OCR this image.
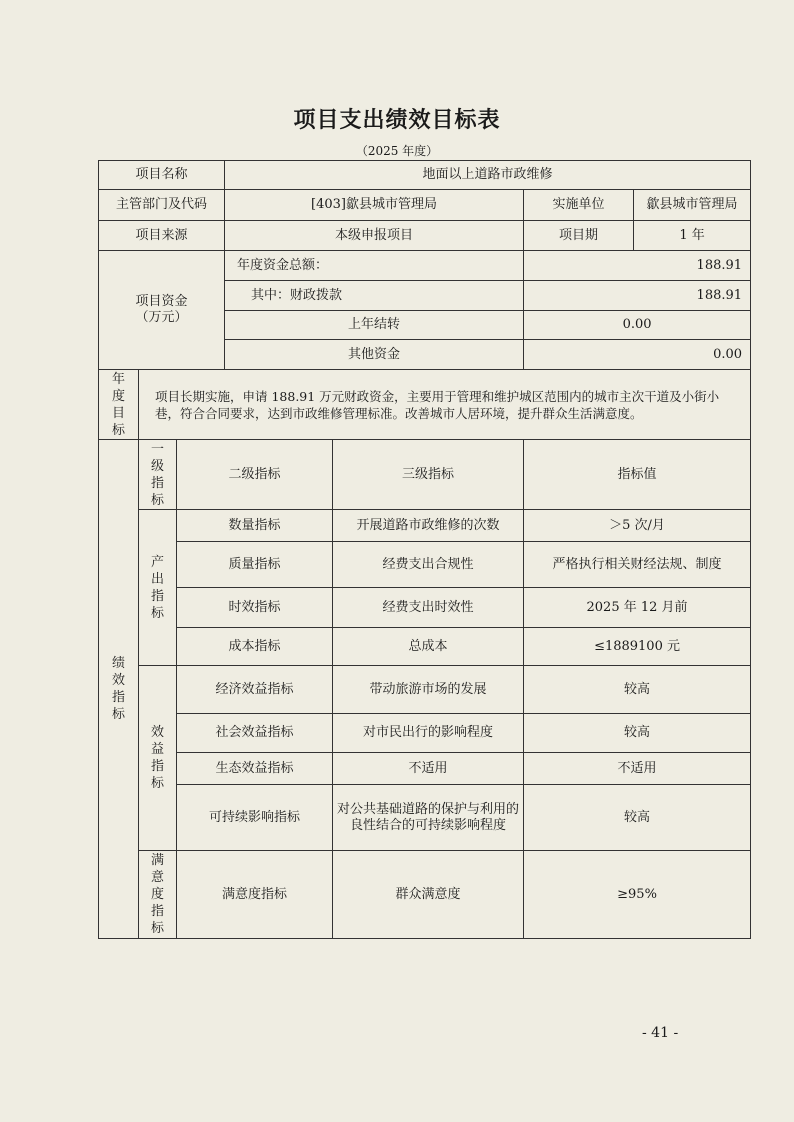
项目支出绩效目标表
（2025 年度）
项目名称			地面以上道路市政维修			
主管部门及代码			[403]歙县城市管理局		实施单位	歙县城市管理局
项目来源			本级申报项目		项目期	1 年

项目资金
（万元）			年度资金总额：		188.91	
			其中：财政拨款		188.91	
			上年结转		0.00	
			其他资金		0.00	

年度目标	项目长期实施，申请 188.91 万元财政资金，主要用于管理和维护城区范围内的城市主次干道及小街小巷，符合合同要求，达到市政维修管理标准。改善城市人居环境，提升群众生活满意度。					

绩效指标	一级指标	二级指标		三级指标	指标值	

	产出指标	数量指标		开展道路市政维修的次数	＞5 次/月	
		质量指标		经费支出合规性	严格执行相关财经法规、制度	
		时效指标		经费支出时效性	2025 年 12 月前	
		成本指标		总成本	≤1889100 元	

	效益指标	经济效益指标		带动旅游市场的发展	较高	
		社会效益指标		对市民出行的影响程度	较高	
		生态效益指标		不适用	不适用	
		可持续影响指标		对公共基础道路的保护与利用的良性结合的可持续影响程度	较高	

	满意度指标	满意度指标		群众满意度	≥95%	
- 41 -
